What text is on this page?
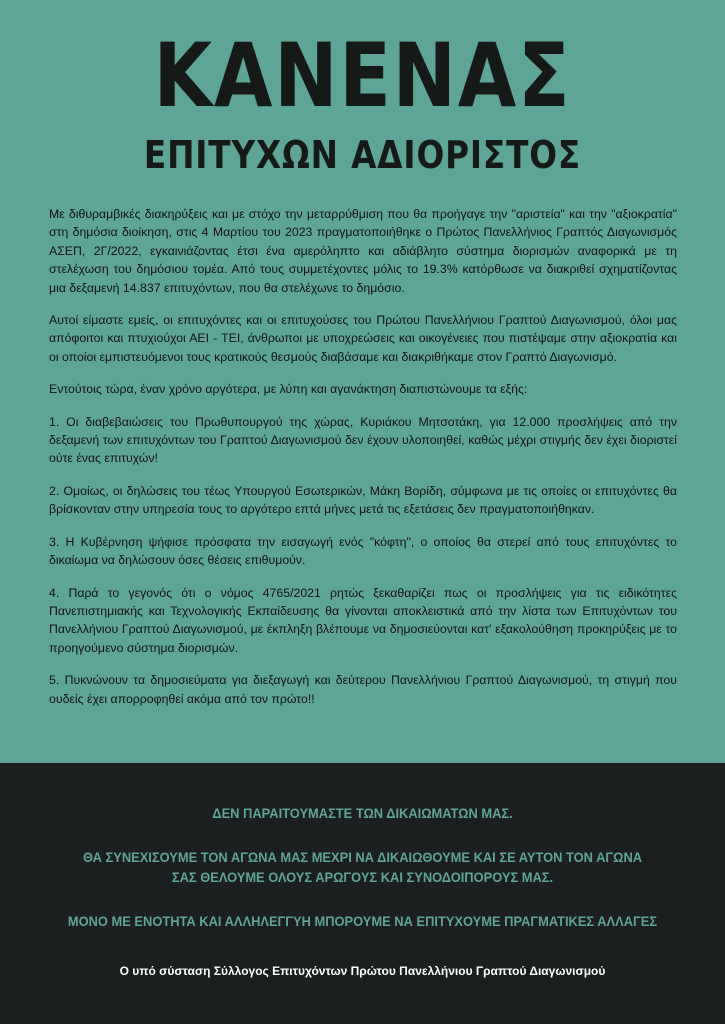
ΚΑΝΕΝΑΣ
ΕΠΙΤΥΧΩΝ ΑΔΙΟΡΙΣΤΟΣ

Με διθυραμβικές διακηρύξεις και με στόχο την μεταρρύθμιση που θα προήγαγε την "αριστεία" και την "αξιοκρατία" στη δημόσια διοίκηση, στις 4 Μαρτίου του 2023 πραγματοποιήθηκε ο Πρώτος Πανελλήνιος Γραπτός Διαγωνισμός ΑΣΕΠ, 2Γ/2022, εγκαινιάζοντας έτσι ένα αμερόληπτο και αδιάβλητο σύστημα διορισμών αναφορικά με τη στελέχωση του δημόσιου τομέα. Από τους συμμετέχοντες μόλις το 19.3% κατόρθωσε να διακριθεί σχηματίζοντας μια δεξαμενή 14.837 επιτυχόντων, που θα στελέχωνε το δημόσιο.

Αυτοί είμαστε εμείς, οι επιτυχόντες και οι επιτυχούσες του Πρώτου Πανελλήνιου Γραπτού Διαγωνισμού, όλοι μας απόφοιτοι και πτυχιούχοι ΑΕΙ - ΤΕΙ, άνθρωποι με υποχρεώσεις και οικογένειες που πιστέψαμε στην αξιοκρατία και οι οποίοι εμπιστευόμενοι τους κρατικούς θεσμούς διαβάσαμε και διακριθήκαμε στον Γραπτό Διαγωνισμό.

Εντούτοις τώρα, έναν χρόνο αργότερα, με λύπη και αγανάκτηση διαπιστώνουμε τα εξής:

1. Οι διαβεβαιώσεις του Πρωθυπουργού της χώρας, Κυριάκου Μητσοτάκη, για 12.000 προσλήψεις από την δεξαμενή των επιτυχόντων του Γραπτού Διαγωνισμού δεν έχουν υλοποιηθεί, καθώς μέχρι στιγμής δεν έχει διοριστεί ούτε ένας επιτυχών!

2. Ομοίως, οι δηλώσεις του τέως Υπουργού Εσωτερικών, Μάκη Βορίδη, σύμφωνα με τις οποίες οι επιτυχόντες θα βρίσκονταν στην υπηρεσία τους το αργότερο επτά μήνες μετά τις εξετάσεις δεν πραγματοποιήθηκαν.

3. Η Κυβέρνηση ψήφισε πρόσφατα την εισαγωγή ενός "κόφτη", ο οποίος θα στερεί από τους επιτυχόντες το δικαίωμα να δηλώσουν όσες θέσεις επιθυμούν.

4. Παρά το γεγονός ότι ο νόμος 4765/2021 ρητώς ξεκαθαρίζει πως οι προσλήψεις για τις ειδικότητες Πανεπιστημιακής και Τεχνολογικής Εκπαίδευσης θα γίνονται αποκλειστικά από την λίστα των Επιτυχόντων του Πανελλήνιου Γραπτού Διαγωνισμού, με έκπληξη βλέπουμε να δημοσιεύονται κατ' εξακολούθηση προκηρύξεις με το προηγούμενο σύστημα διορισμών.

5. Πυκνώνουν τα δημοσιεύματα για διεξαγωγή και δεύτερου Πανελλήνιου Γραπτού Διαγωνισμού, τη στιγμή που ουδείς έχει απορροφηθεί ακόμα από τον πρώτο!!

ΔΕΝ ΠΑΡΑΙΤΟΥΜΑΣΤΕ ΤΩΝ ΔΙΚΑΙΩΜΑΤΩΝ ΜΑΣ.

ΘΑ ΣΥΝΕΧΙΣΟΥΜΕ ΤΟΝ ΑΓΩΝΑ ΜΑΣ ΜΕΧΡΙ ΝΑ ΔΙΚΑΙΩΘΟΥΜΕ ΚΑΙ ΣΕ ΑΥΤΟΝ ΤΟΝ ΑΓΩΝΑ

ΣΑΣ ΘΕΛΟΥΜΕ ΟΛΟΥΣ ΑΡΩΓΟΥΣ ΚΑΙ ΣΥΝΟΔΟΙΠΟΡΟΥΣ ΜΑΣ.

ΜΟΝΟ ΜΕ ΕΝΟΤΗΤΑ ΚΑΙ ΑΛΛΗΛΕΓΓΥΗ ΜΠΟΡΟΥΜΕ ΝΑ ΕΠΙΤΥΧΟΥΜΕ ΠΡΑΓΜΑΤΙΚΕΣ ΑΛΛΑΓΕΣ

Ο υπό σύσταση Σύλλογος Επιτυχόντων Πρώτου Πανελλήνιου Γραπτού Διαγωνισμού
